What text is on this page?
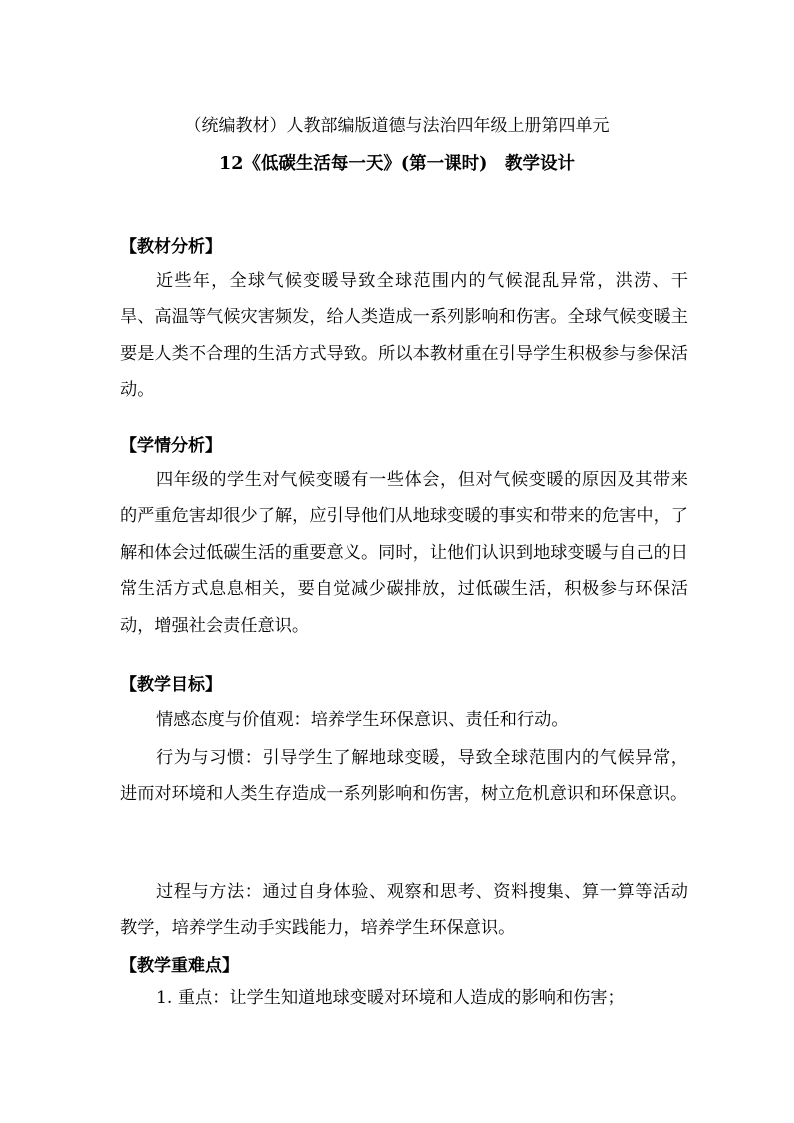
（统编教材）人教部编版道德与法治四年级上册第四单元
12《低碳生活每一天》(第一课时)　教学设计
【教材分析】
近些年，全球气候变暖导致全球范围内的气候混乱异常，洪涝、干旱、高温等气候灾害频发，给人类造成一系列影响和伤害。全球气候变暖主要是人类不合理的生活方式导致。所以本教材重在引导学生积极参与参保活动。
【学情分析】
四年级的学生对气候变暖有一些体会，但对气候变暖的原因及其带来的严重危害却很少了解，应引导他们从地球变暖的事实和带来的危害中，了解和体会过低碳生活的重要意义。同时，让他们认识到地球变暖与自己的日常生活方式息息相关，要自觉减少碳排放，过低碳生活，积极参与环保活动，增强社会责任意识。
【教学目标】
情感态度与价值观：培养学生环保意识、责任和行动。
行为与习惯：引导学生了解地球变暖，导致全球范围内的气候异常，进而对环境和人类生存造成一系列影响和伤害，树立危机意识和环保意识。
过程与方法：通过自身体验、观察和思考、资料搜集、算一算等活动教学，培养学生动手实践能力，培养学生环保意识。
【教学重难点】
1. 重点：让学生知道地球变暖对环境和人造成的影响和伤害；
